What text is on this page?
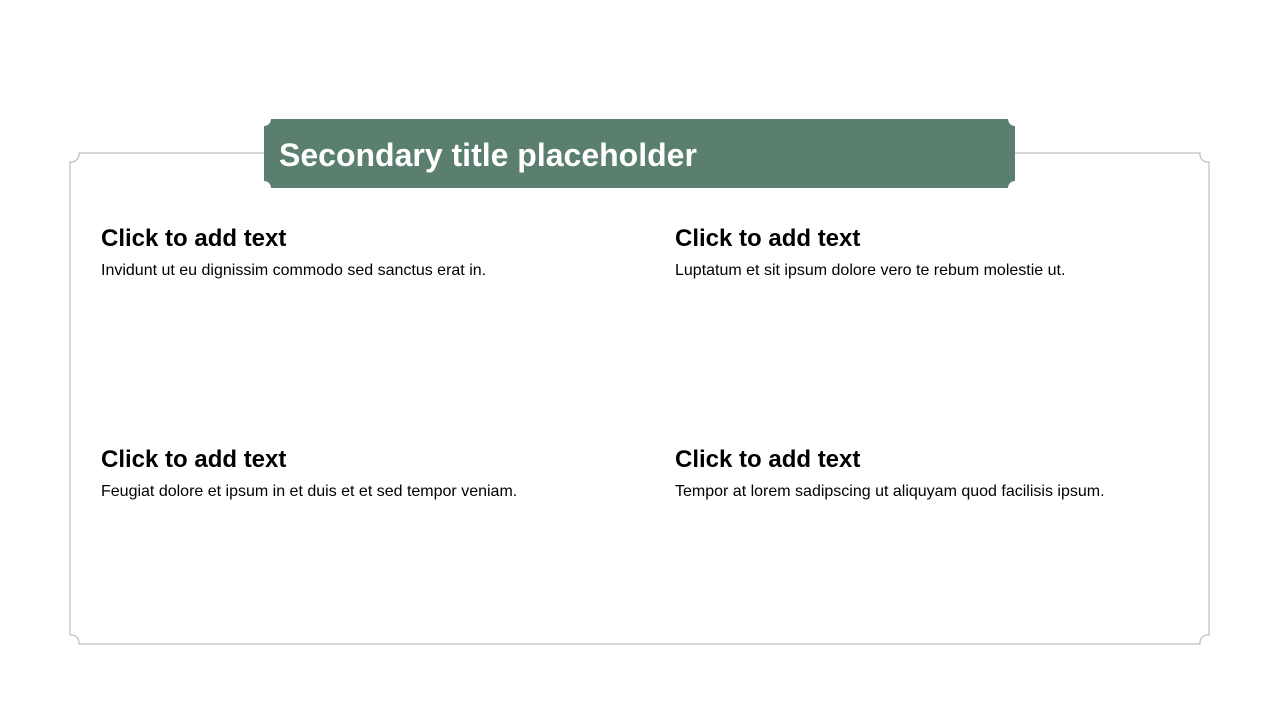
Secondary title placeholder

Click to add text

Invidunt ut eu dignissim commodo sed sanctus erat in.

Click to add text

Luptatum et sit ipsum dolore vero te rebum molestie ut.

Click to add text

Feugiat dolore et ipsum in et duis et et sed tempor veniam.

Click to add text

Tempor at lorem sadipscing ut aliquyam quod facilisis ipsum.
